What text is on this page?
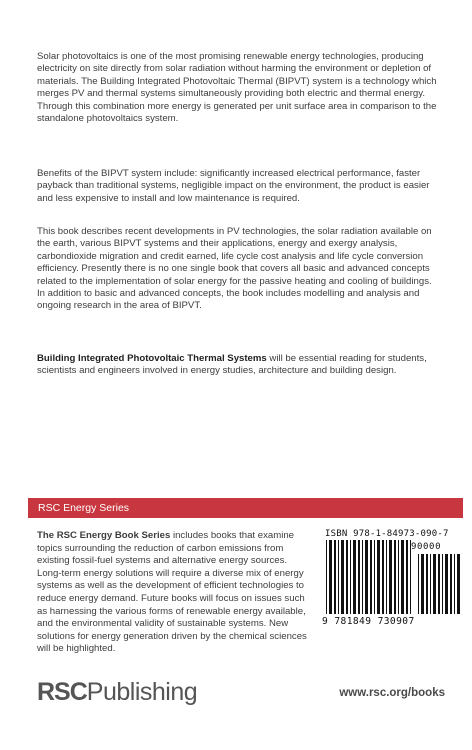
Solar photovoltaics is one of the most promising renewable energy technologies, producing electricity on site directly from solar radiation without harming the environment or depletion of materials. The Building Integrated Photovoltaic Thermal (BIPVT) system is a technology which merges PV and thermal systems simultaneously providing both electric and thermal energy. Through this combination more energy is generated per unit surface area in comparison to the standalone photovoltaics system.

Benefits of the BIPVT system include: significantly increased electrical performance, faster payback than traditional systems, negligible impact on the environment, the product is easier and less expensive to install and low maintenance is required.

This book describes recent developments in PV technologies, the solar radiation available on the earth, various BIPVT systems and their applications, energy and exergy analysis, carbondioxide migration and credit earned, life cycle cost analysis and life cycle conversion efficiency. Presently there is no one single book that covers all basic and advanced concepts related to the implementation of solar energy for the passive heating and cooling of buildings. In addition to basic and advanced concepts, the book includes modelling and analysis and ongoing research in the area of BIPVT.

Building Integrated Photovoltaic Thermal Systems will be essential reading for students, scientists and engineers involved in energy studies, architecture and building design.

RSC Energy Series

The RSC Energy Book Series includes books that examine topics surrounding the reduction of carbon emissions from existing fossil-fuel systems and alternative energy sources. Long-term energy solutions will require a diverse mix of energy systems as well as the development of efficient technologies to reduce energy demand. Future books will focus on issues such as harnessing the various forms of renewable energy available, and the environmental validity of sustainable systems. New solutions for energy generation driven by the chemical sciences will be highlighted.

ISBN 978-1-84973-090-7
90000
9 781849 730907
RSCPublishing	www.rsc.org/books
